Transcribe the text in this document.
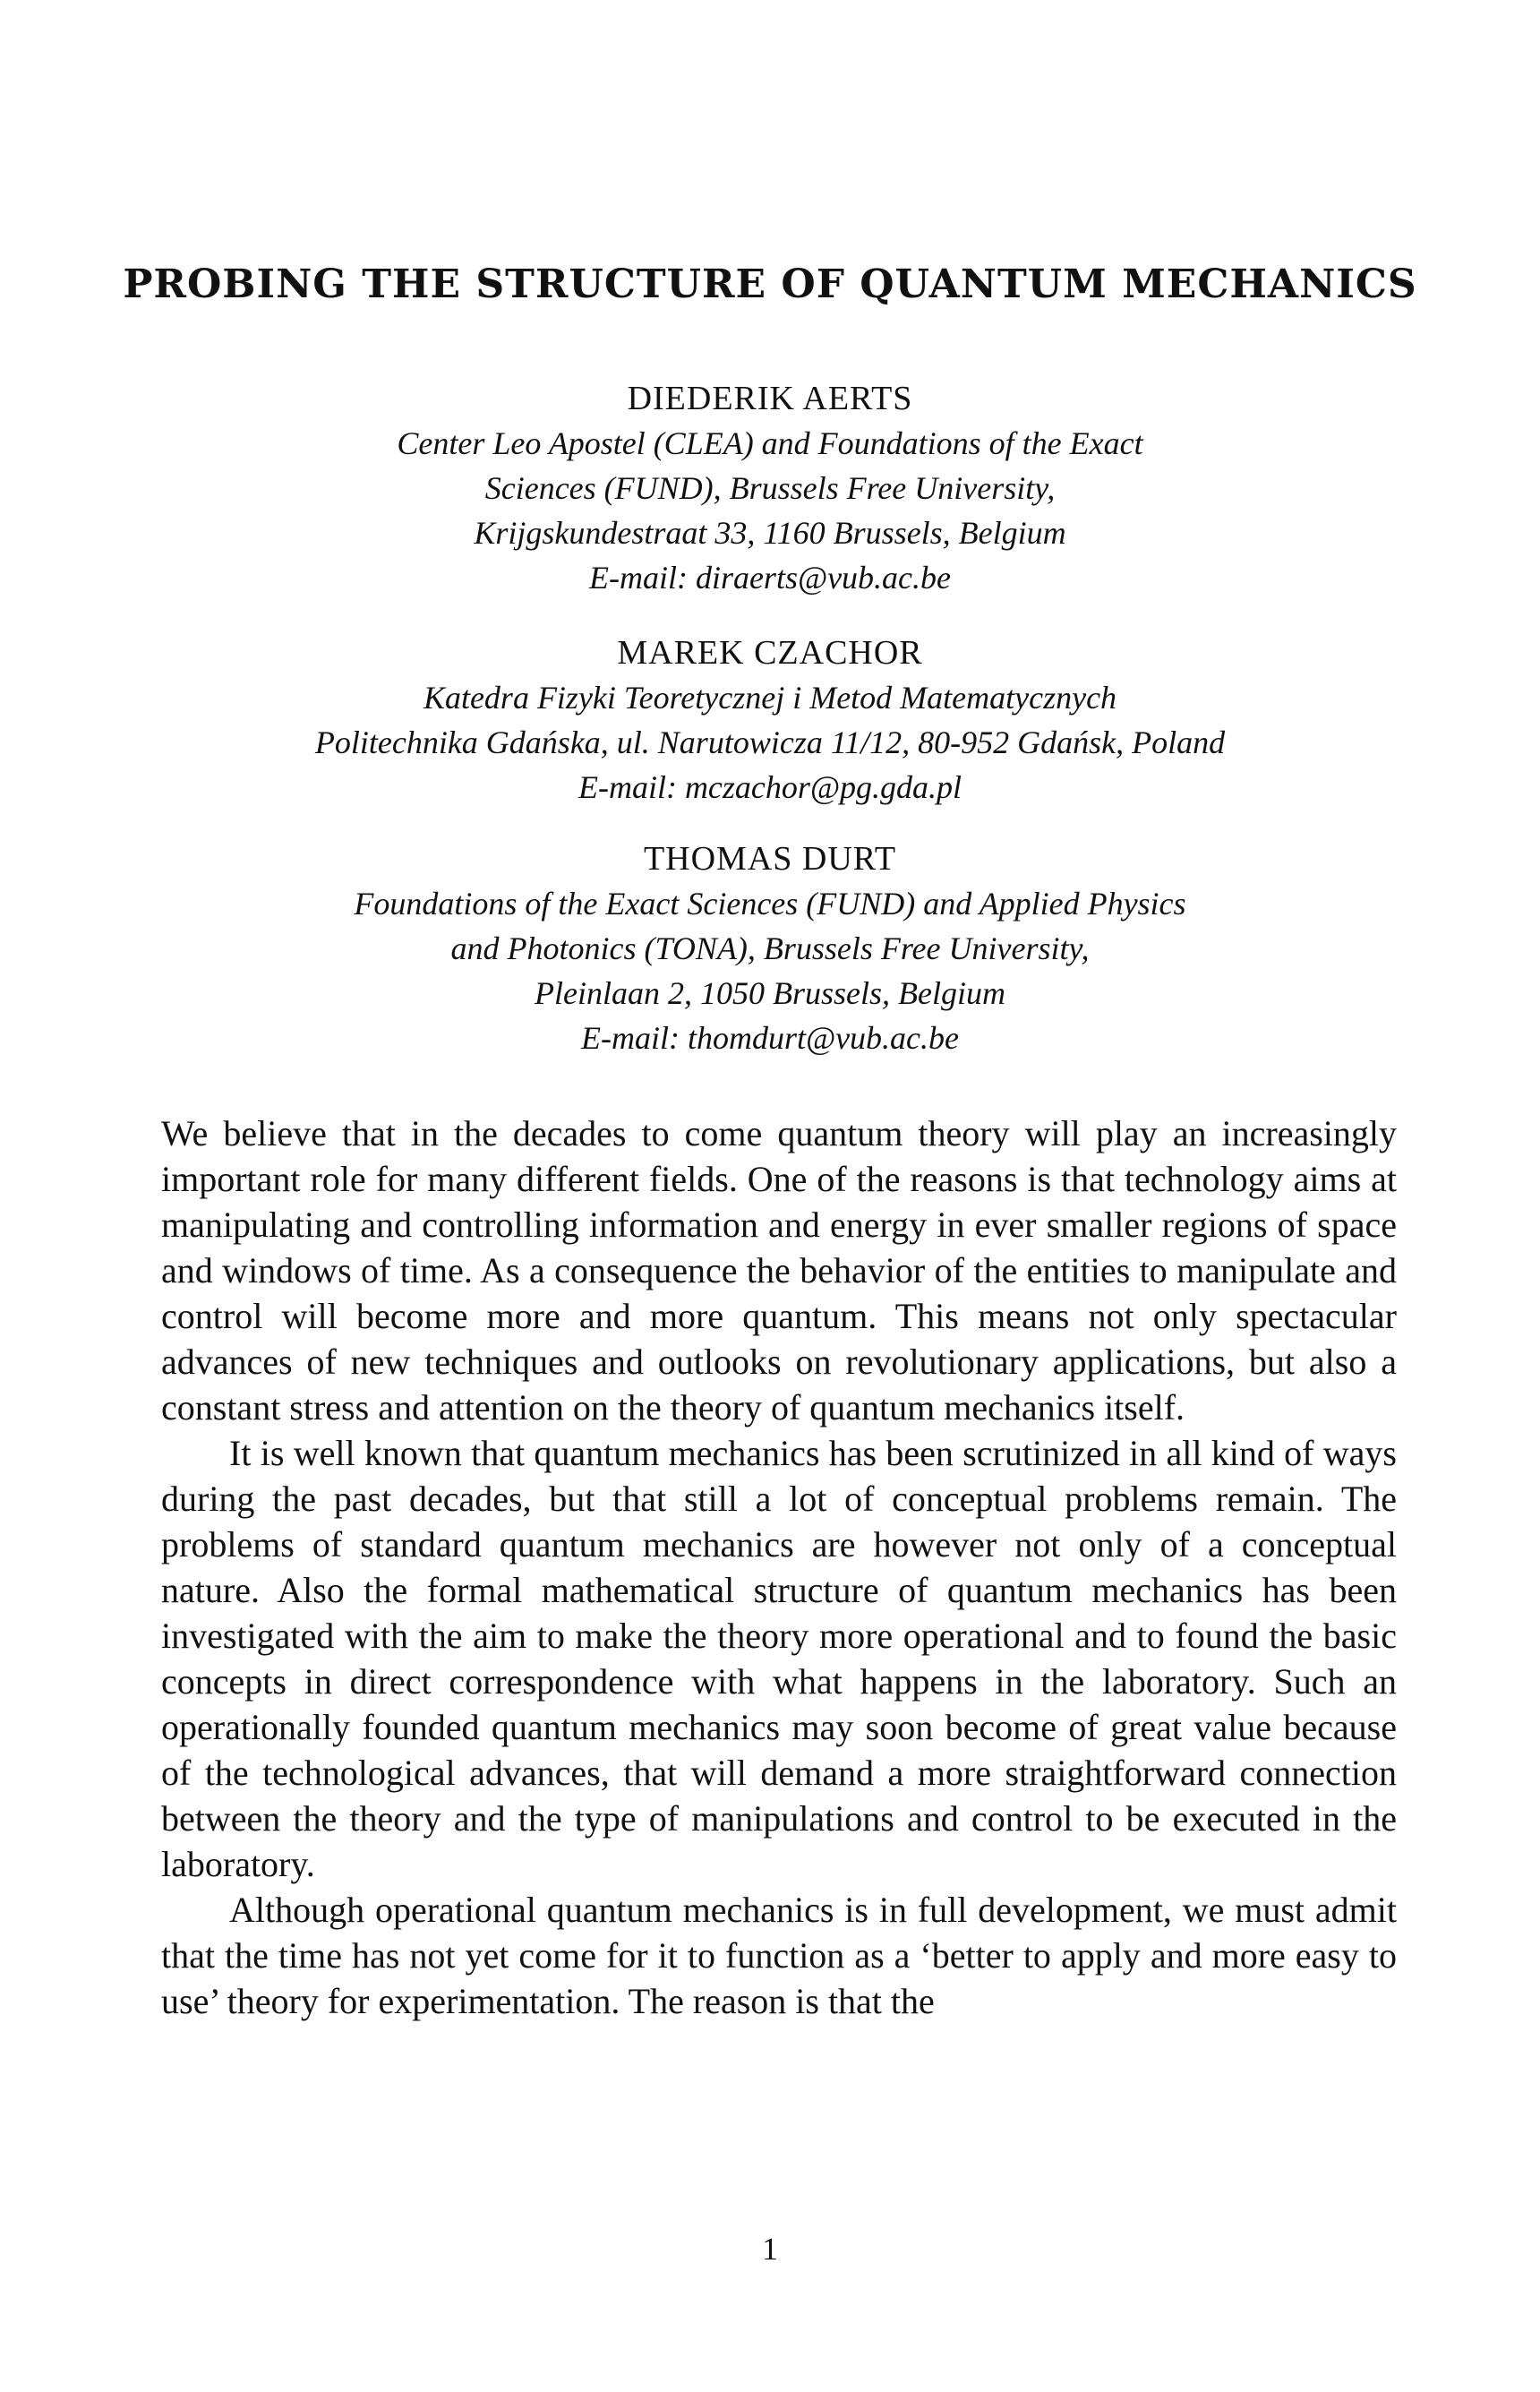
PROBING THE STRUCTURE OF QUANTUM MECHANICS
DIEDERIK AERTS
Center Leo Apostel (CLEA) and Foundations of the Exact
Sciences (FUND), Brussels Free University,
Krijgskundestraat 33, 1160 Brussels, Belgium
E-mail: diraerts@vub.ac.be
MAREK CZACHOR
Katedra Fizyki Teoretycznej i Metod Matematycznych
Politechnika Gdańska, ul. Narutowicza 11/12, 80-952 Gdańsk, Poland
E-mail: mczachor@pg.gda.pl
THOMAS DURT
Foundations of the Exact Sciences (FUND) and Applied Physics
and Photonics (TONA), Brussels Free University,
Pleinlaan 2, 1050 Brussels, Belgium
E-mail: thomdurt@vub.ac.be

We believe that in the decades to come quantum theory will play an increasingly important role for many different fields. One of the reasons is that technology aims at manipulating and controlling information and energy in ever smaller regions of space and windows of time. As a consequence the behavior of the entities to manipulate and control will become more and more quantum. This means not only spectacular advances of new techniques and outlooks on revolutionary applications, but also a constant stress and attention on the theory of quantum mechanics itself.

It is well known that quantum mechanics has been scrutinized in all kind of ways during the past decades, but that still a lot of conceptual problems remain. The problems of standard quantum mechanics are however not only of a conceptual nature. Also the formal mathematical structure of quantum mechanics has been investigated with the aim to make the theory more operational and to found the basic concepts in direct correspondence with what happens in the laboratory. Such an operationally founded quantum mechanics may soon become of great value because of the technological advances, that will demand a more straightforward connection between the theory and the type of manipulations and control to be executed in the laboratory.

Although operational quantum mechanics is in full development, we must admit that the time has not yet come for it to function as a ‘better to apply and more easy to use’ theory for experimentation. The reason is that the

1
